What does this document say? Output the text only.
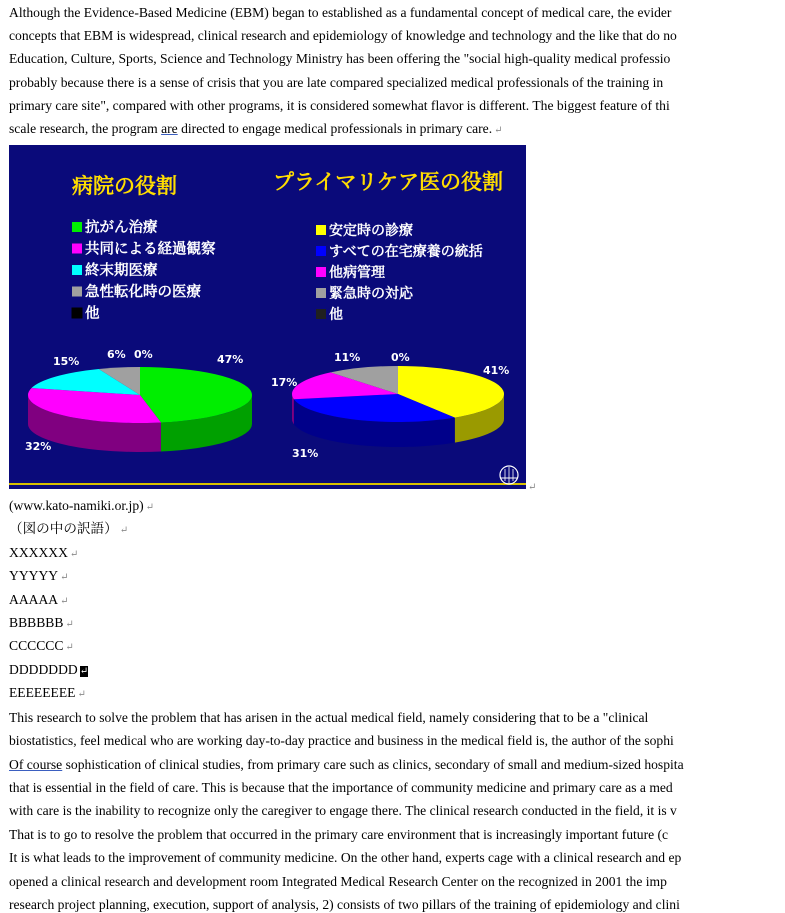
Although the Evidence-Based Medicine (EBM) began to established as a fundamental concept of medical care, the evider
concepts that EBM is widespread, clinical research and epidemiology of knowledge and technology and the like that do no
Education, Culture, Sports, Science and Technology Ministry has been offering the "social high-quality medical professio
probably because there is a sense of crisis that you are late compared specialized medical professionals of the training in
primary care site", compared with other programs, it is considered somewhat flavor is different. The biggest feature of thi
scale research, the program are directed to engage medical professionals in primary care. ↵
病院の役割
抗がん治療
共同による経過観察
終末期医療
急性転化時の医療
他
47%
32%
15%
6% 0%
プライマリケア医の役割
安定時の診療
すべての在宅療養の統括
他病管理
緊急時の対応
他
41%
31%
17%
11%	0%
↵
(www.kato-namiki.or.jp) ↵
（図の中の訳語） ↵
XXXXXX ↵
YYYYY ↵
AAAAA ↵
BBBBBB ↵
CCCCCC ↵
DDDDDDD ↵
EEEEEEEE ↵
This research to solve the problem that has arisen in the actual medical field, namely considering that to be a "clinical
biostatistics, feel medical who are working day-to-day practice and business in the medical field is, the author of the sophi
Of course sophistication of clinical studies, from primary care such as clinics, secondary of small and medium-sized hospita
that is essential in the field of care. This is because that the importance of community medicine and primary care as a med
with care is the inability to recognize only the caregiver to engage there. The clinical research conducted in the field, it is v
That is to go to resolve the problem that occurred in the primary care environment that is increasingly important future (c
It is what leads to the improvement of community medicine. On the other hand, experts cage with a clinical research and ep
opened a clinical research and development room Integrated Medical Research Center on the recognized in 2001 the imp
research project planning, execution, support of analysis, 2) consists of two pillars of the training of epidemiology and clini
